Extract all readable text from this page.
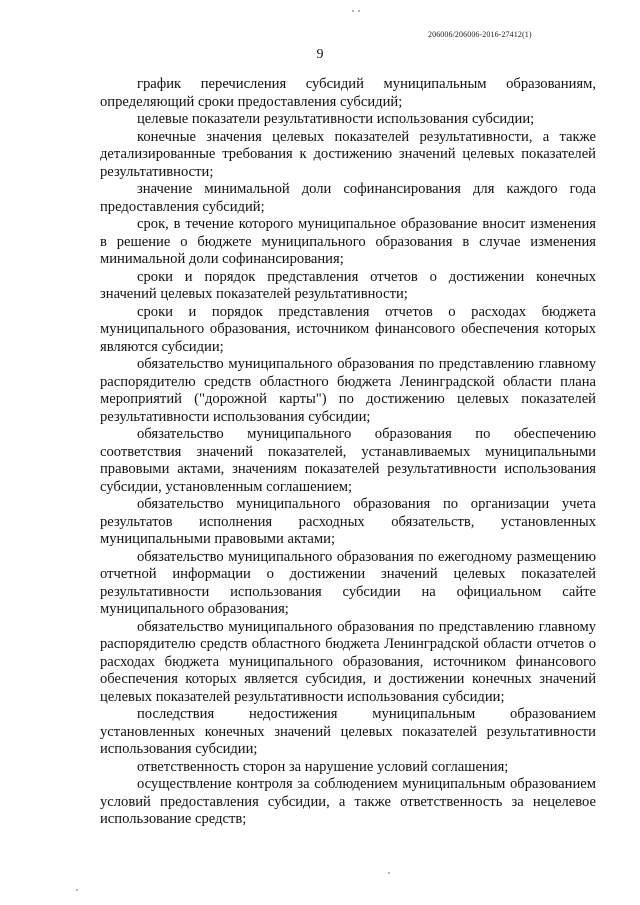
206006/206006-2016-27412(1)
9

график перечисления субсидий муниципальным образованиям, определяющий сроки предоставления субсидий;

целевые показатели результативности использования субсидии;

конечные значения целевых показателей результативности, а также детализированные требования к достижению значений целевых показателей результативности;

значение минимальной доли софинансирования для каждого года предоставления субсидий;

срок, в течение которого муниципальное образование вносит изменения в решение о бюджете муниципального образования в случае изменения минимальной доли софинансирования;

сроки и порядок представления отчетов о достижении конечных значений целевых показателей результативности;

сроки и порядок представления отчетов о расходах бюджета муниципального образования, источником финансового обеспечения которых являются субсидии;

обязательство муниципального образования по представлению главному распорядителю средств областного бюджета Ленинградской области плана мероприятий ("дорожной карты") по достижению целевых показателей результативности использования субсидии;

обязательство муниципального образования по обеспечению соответствия значений показателей, устанавливаемых муниципальными правовыми актами, значениям показателей результативности использования субсидии, установленным соглашением;

обязательство муниципального образования по организации учета результатов исполнения расходных обязательств, установленных муниципальными правовыми актами;

обязательство муниципального образования по ежегодному размещению отчетной информации о достижении значений целевых показателей результативности использования субсидии на официальном сайте муниципального образования;

обязательство муниципального образования по представлению главному распорядителю средств областного бюджета Ленинградской области отчетов о расходах бюджета муниципального образования, источником финансового обеспечения которых является субсидия, и достижении конечных значений целевых показателей результативности использования субсидии;

последствия недостижения муниципальным образованием установленных конечных значений целевых показателей результативности использования субсидии;

ответственность сторон за нарушение условий соглашения;

осуществление контроля за соблюдением муниципальным образованием условий предоставления субсидии, а также ответственность за нецелевое использование средств;
